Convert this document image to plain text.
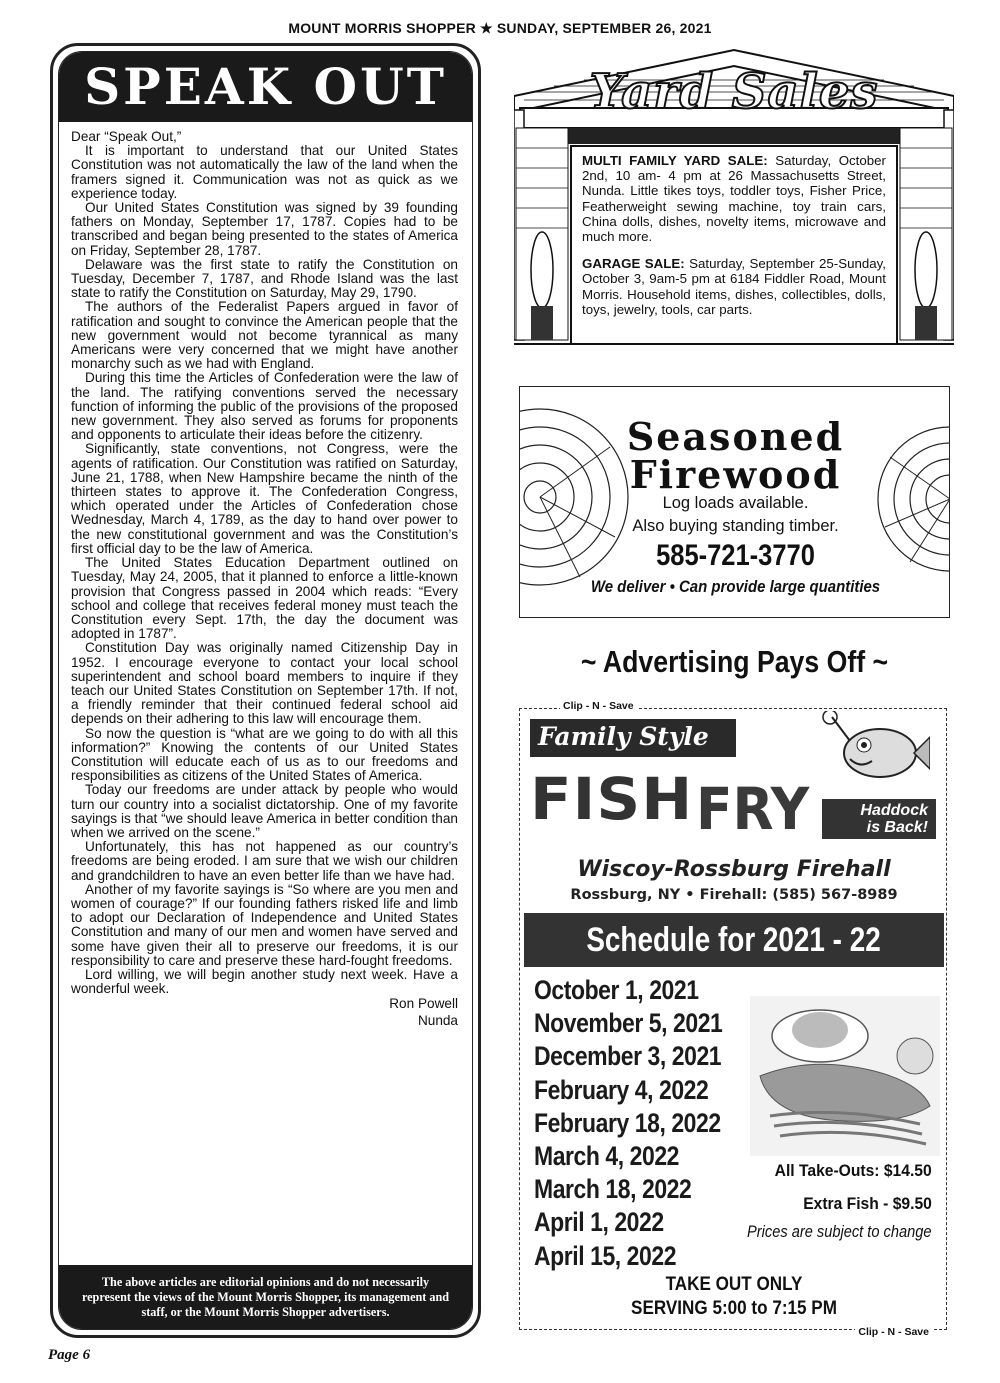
MOUNT MORRIS SHOPPER ★ SUNDAY, SEPTEMBER 26, 2021
SPEAK OUT

Dear “Speak Out,”

It is important to understand that our United States Constitution was not automatically the law of the land when the framers signed it. Communication was not as quick as we experience today.

Our United States Constitution was signed by 39 founding fathers on Monday, September 17, 1787. Copies had to be transcribed and began being presented to the states of America on Friday, September 28, 1787.

Delaware was the first state to ratify the Constitution on Tuesday, December 7, 1787, and Rhode Island was the last state to ratify the Constitution on Saturday, May 29, 1790.

The authors of the Federalist Papers argued in favor of ratification and sought to convince the American people that the new government would not become tyrannical as many Americans were very concerned that we might have another monarchy such as we had with England.

During this time the Articles of Confederation were the law of the land. The ratifying conventions served the necessary function of informing the public of the provisions of the proposed new government. They also served as forums for proponents and opponents to articulate their ideas before the citizenry.

Significantly, state conventions, not Congress, were the agents of ratification. Our Constitution was ratified on Saturday, June 21, 1788, when New Hampshire became the ninth of the thirteen states to approve it. The Confederation Congress, which operated under the Articles of Confederation chose Wednesday, March 4, 1789, as the day to hand over power to the new constitutional government and was the Constitution’s first official day to be the law of America.

The United States Education Department outlined on Tuesday, May 24, 2005, that it planned to enforce a little-known provision that Congress passed in 2004 which reads: “Every school and college that receives federal money must teach the Constitution every Sept. 17th, the day the document was adopted in 1787”.

Constitution Day was originally named Citizenship Day in 1952. I encourage everyone to contact your local school superintendent and school board members to inquire if they teach our United States Constitution on September 17th. If not, a friendly reminder that their continued federal school aid depends on their adhering to this law will encourage them.

So now the question is “what are we going to do with all this information?” Knowing the contents of our United States Constitution will educate each of us as to our freedoms and responsibilities as citizens of the United States of America.

Today our freedoms are under attack by people who would turn our country into a socialist dictatorship. One of my favorite sayings is that “we should leave America in better condition than when we arrived on the scene.”

Unfortunately, this has not happened as our country’s freedoms are being eroded. I am sure that we wish our children and grandchildren to have an even better life than we have had.

Another of my favorite sayings is “So where are you men and women of courage?” If our founding fathers risked life and limb to adopt our Declaration of Independence and United States Constitution and many of our men and women have served and some have given their all to preserve our freedoms, it is our responsibility to care and preserve these hard-fought freedoms.

Lord willing, we will begin another study next week. Have a wonderful week.

Ron Powell
Nunda
The above articles are editorial opinions and do not necessarily represent the views of the Mount Morris Shopper, its management and staff, or the Mount Morris Shopper advertisers.
Yard Sales

MULTI FAMILY YARD SALE: Saturday, October 2nd, 10 am- 4 pm at 26 Massachusetts Street, Nunda. Little tikes toys, toddler toys, Fisher Price, Featherweight sewing machine, toy train cars, China dolls, dishes, novelty items, microwave and much more.

GARAGE SALE: Saturday, September 25-Sunday, October 3, 9am-5 pm at 6184 Fiddler Road, Mount Morris. Household items, dishes, collectibles, dolls, toys, jewelry, tools, car parts.

Seasoned
Firewood
Log loads available.
Also buying standing timber.
585-721-3770
We deliver • Can provide large quantities
~ Advertising Pays Off ~
Clip - N - Save
Clip - N - Save
Family Style
FISH FRY	Haddock
is Back!
Wiscoy-Rossburg Firehall
Rossburg, NY • Firehall: (585) 567-8989
Schedule for 2021 - 22
October 1, 2021
November 5, 2021
December 3, 2021
February 4, 2022
February 18, 2022
March 4, 2022
March 18, 2022
April 1, 2022
April 15, 2022
All Take-Outs: $14.50
Extra Fish - $9.50
Prices are subject to change
TAKE OUT ONLY
SERVING 5:00 to 7:15 PM
Page 6
